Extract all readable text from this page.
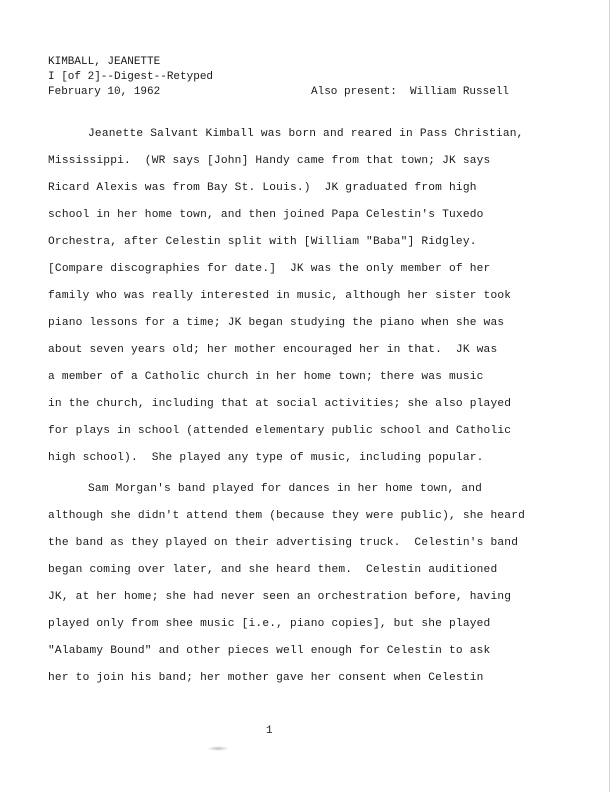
KIMBALL, JEANETTE
I [of 2]--Digest--Retyped
February 10, 1962	Also present:  William Russell
Jeanette Salvant Kimball was born and reared in Pass Christian,
Mississippi.  (WR says [John] Handy came from that town; JK says
Ricard Alexis was from Bay St. Louis.)  JK graduated from high
school in her home town, and then joined Papa Celestin's Tuxedo
Orchestra, after Celestin split with [William "Baba"] Ridgley.
[Compare discographies for date.]  JK was the only member of her
family who was really interested in music, although her sister took
piano lessons for a time; JK began studying the piano when she was
about seven years old; her mother encouraged her in that.  JK was
a member of a Catholic church in her home town; there was music
in the church, including that at social activities; she also played
for plays in school (attended elementary public school and Catholic
high school).  She played any type of music, including popular.
Sam Morgan's band played for dances in her home town, and
although she didn't attend them (because they were public), she heard
the band as they played on their advertising truck.  Celestin's band
began coming over later, and she heard them.  Celestin auditioned
JK, at her home; she had never seen an orchestration before, having
played only from shee music [i.e., piano copies], but she played
"Alabamy Bound" and other pieces well enough for Celestin to ask
her to join his band; her mother gave her consent when Celestin
1
